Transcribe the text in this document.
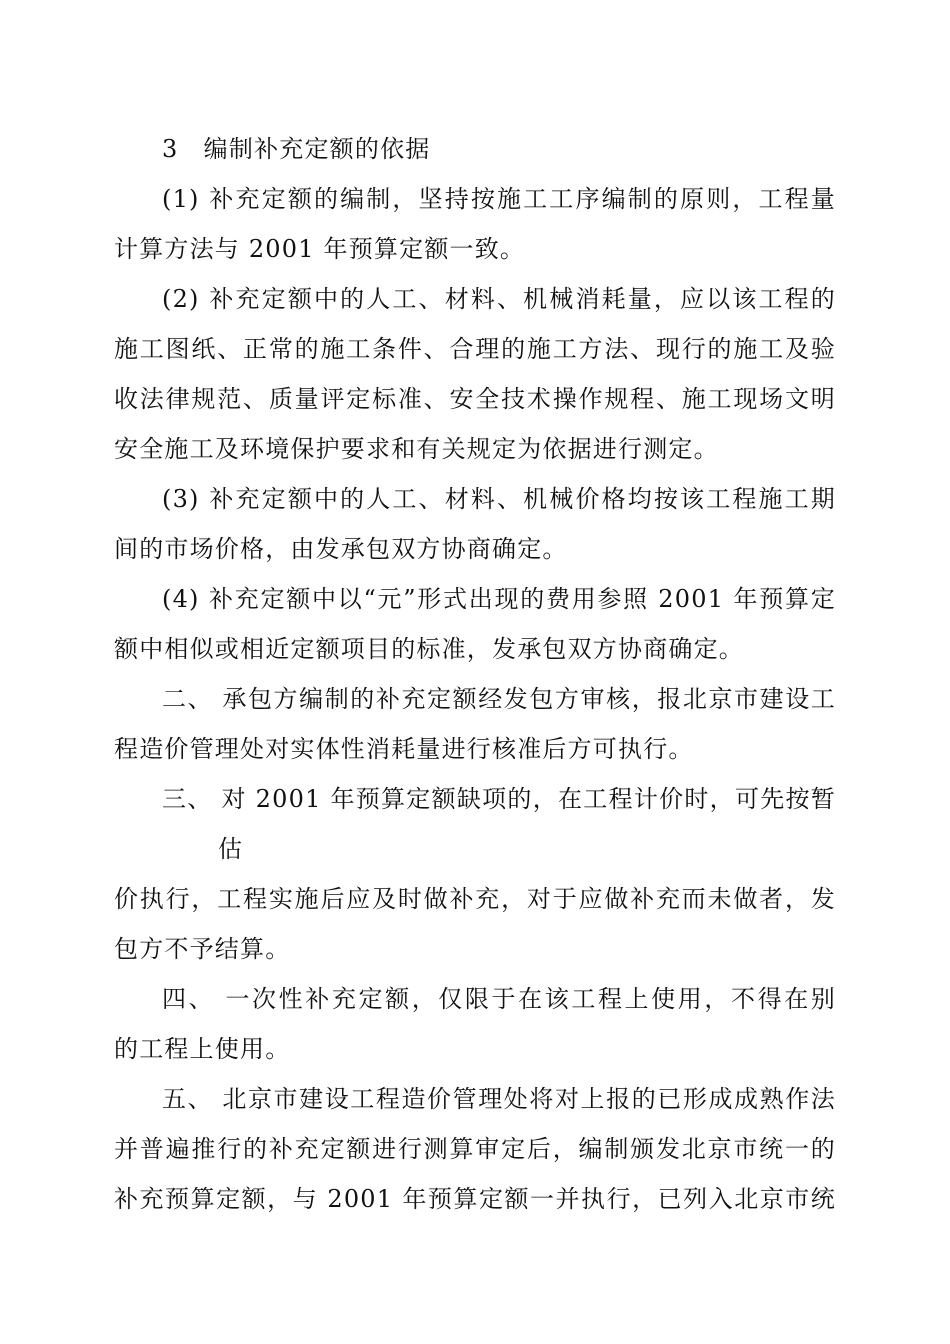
3　编制补充定额的依据
(1) 补充定额的编制，坚持按施工工序编制的原则，工程量
计算方法与 2001 年预算定额一致。
(2) 补充定额中的人工、材料、机械消耗量，应以该工程的
施工图纸、正常的施工条件、合理的施工方法、现行的施工及验
收法律规范、质量评定标准、安全技术操作规程、施工现场文明
安全施工及环境保护要求和有关规定为依据进行测定。
(3) 补充定额中的人工、材料、机械价格均按该工程施工期
间的市场价格，由发承包双方协商确定。
(4) 补充定额中以“元”形式出现的费用参照 2001 年预算定
额中相似或相近定额项目的标准，发承包双方协商确定。
二、 承包方编制的补充定额经发包方审核，报北京市建设工
程造价管理处对实体性消耗量进行核准后方可执行。
三、 对 2001 年预算定额缺项的，在工程计价时，可先按暂
估
价执行，工程实施后应及时做补充，对于应做补充而未做者，发
包方不予结算。
四、 一次性补充定额，仅限于在该工程上使用，不得在别
的工程上使用。
五、 北京市建设工程造价管理处将对上报的已形成成熟作法
并普遍推行的补充定额进行测算审定后，编制颁发北京市统一的
补充预算定额，与 2001 年预算定额一并执行，已列入北京市统
